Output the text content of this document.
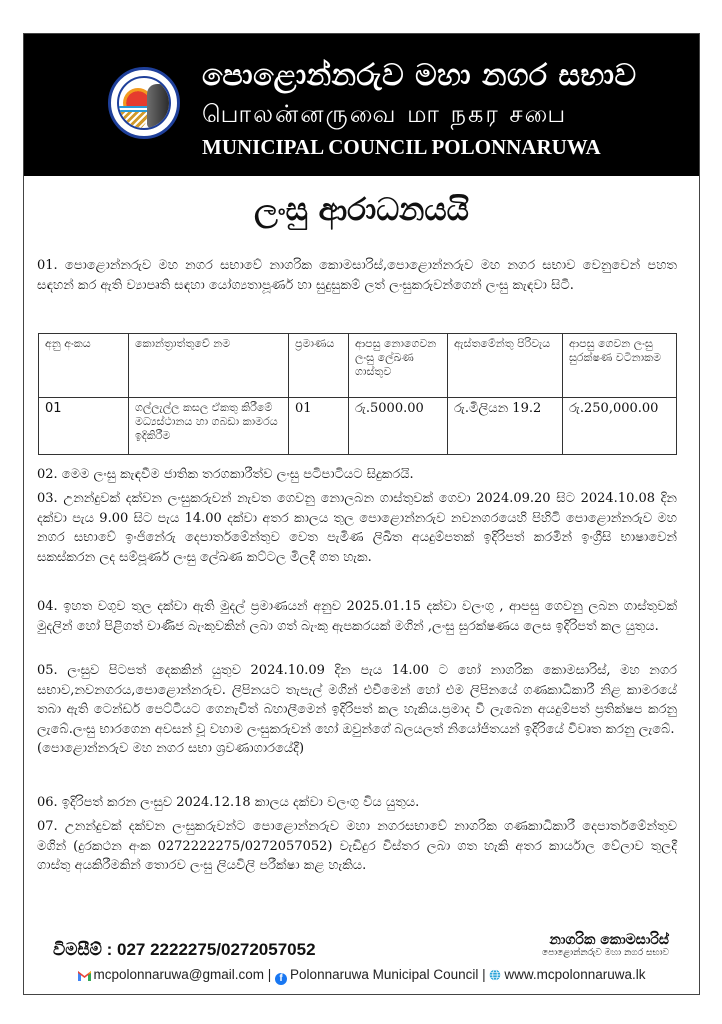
පොළොන්නරුව මහා නගර සභාව
பொலன்னருவை மா நகர சபை
MUNICIPAL COUNCIL POLONNARUWA
ලංසු ආරාධනයයි
01. පොළොන්නරුව මහ නගර සභාවේ නාගරික කොමසාරිස්,පොළොන්නරුව මහ නගර සභාව වෙනුවෙන් පහත සඳහන් කර ඇති ව්‍යාපෘති සඳහා යෝග්‍යතාපූර්ණ හා සුදුසුකම් ලත් ලංසුකරුවන්ගෙන් ලංසු කැඳවා සිටී.
අනු අංකය	කොන්ත්‍රාත්තුවේ නම	ප්‍රමාණය	ආපසු නොගෙවන ලංසු ලේඛණ ගාස්තුව	ඇස්තමේන්තු පිරිවැය	ආපසු ගෙවන ලංසු සුරක්ෂණ වටිනාකම
01	ගල්ලැල්ල කසල ඒකතු කිරීමේ මධ්‍යස්ථානය හා ගබඩා කාමරය ඉදිකිරීම	01	රු.5000.00	රු.මිලියන 19.2	රු.250,000.00
02. මෙම ලංසු කැඳවීම ජාතික තරගකාරීත්ව ලංසු පටිපාටියට සිදුකරයි.
03. උනන්දුවක් දක්වන ලංසුකරුවන් නැවත ගෙවනු නොලබන ගාස්තුවක් ගෙවා 2024.09.20 සිට 2024.10.08 දින දක්වා පැය 9.00 සිට පැය 14.00 දක්වා අතර කාලය තුල පොළොන්නරුව නවනගරයෙහි පිහිටි පොළොන්නරුව මහ නගර සභාවේ ඉංජිනේරු දෙපාර්තමේන්තුව වෙත පැමිණ ලිඛිත අයදුම්පතක් ඉදිරිපත් කරමින් ඉංග්‍රීසි භාෂාවෙන් සකස්කරන ලද සම්පූර්ණ ලංසු ලේඛණ කට්ටල මිලදී ගත හැක.
04. ඉහත වගුව තුල දක්වා ඇති මුදල් ප්‍රමාණයන් අනුව 2025.01.15 දක්වා වලංගු , ආපසු ගෙවනු ලබන ගාස්තුවක් මුදලින් හෝ පිළිගත් වාණිජ බැංකුවකින් ලබා ගත් බැංකු ඇපකරයක් මගින් ,ලංසු සුරක්ෂණය ලෙස ඉදිරිපත් කල යුතුය.
05. ලංසුව පිටපත් දෙකකින් යුතුව 2024.10.09 දින පැය 14.00 ට හෝ නාගරික කොමසාරිස්, මහ නගර සභාව,නවනගරය,පොළොන්නරුව. ලිපිනයට තැපැල් මගින් එවීමෙන් හෝ එම ලිපිනයේ ගණකාධිකාරී නිළ කාමරයේ තබා ඇති ටෙන්ඩර් පෙට්ටියට ගෙනැවිත් බහාලීමෙන් ඉදිරිපත් කල හැකිය.ප්‍රමාද වී ලැබෙන අයදුම්පත් ප්‍රතික්ෂප කරනු ලැබේ.ලංසු භාරගෙන අවසන් වූ වහාම ලංසුකරුවන් හෝ ඔවුන්ගේ බලයලත් නියෝජිතයන් ඉදිරියේ විවෘත කරනු ලැබේ.
(පොළොන්නරුව මහ නගර සභා ශ්‍රවණාගාරයේදී)
06. ඉදිරිපත් කරන ලංසුව 2024.12.18 කාලය දක්වා වලංගු විය යුතුය.
07. උනන්දුවක් දක්වන ලංසුකරුවන්ට පොළොන්නරුව මහා නගරසභාවේ නාගරික ගණකාධිකාරී දෙපාර්තමේන්තුව මගින් (දුරකථන අංක 0272222275/0272057052) වැඩිදුර විස්තර ලබා ගත හැකි අතර කාර්යාල වේලාව තුලදී ගාස්තු අයකිරීමකින් තොරව ලංසු ලියවිලි පරීක්ෂා කළ හැකිය.
විමසීම් : 027 2222275/0272057052	නාගරික කොමසාරිස්
පොළොන්නරුව මහා නගර සභාව
mcpolonnaruwa@gmail.com | f Polonnaruwa Municipal Council | www.mcpolonnaruwa.lk
